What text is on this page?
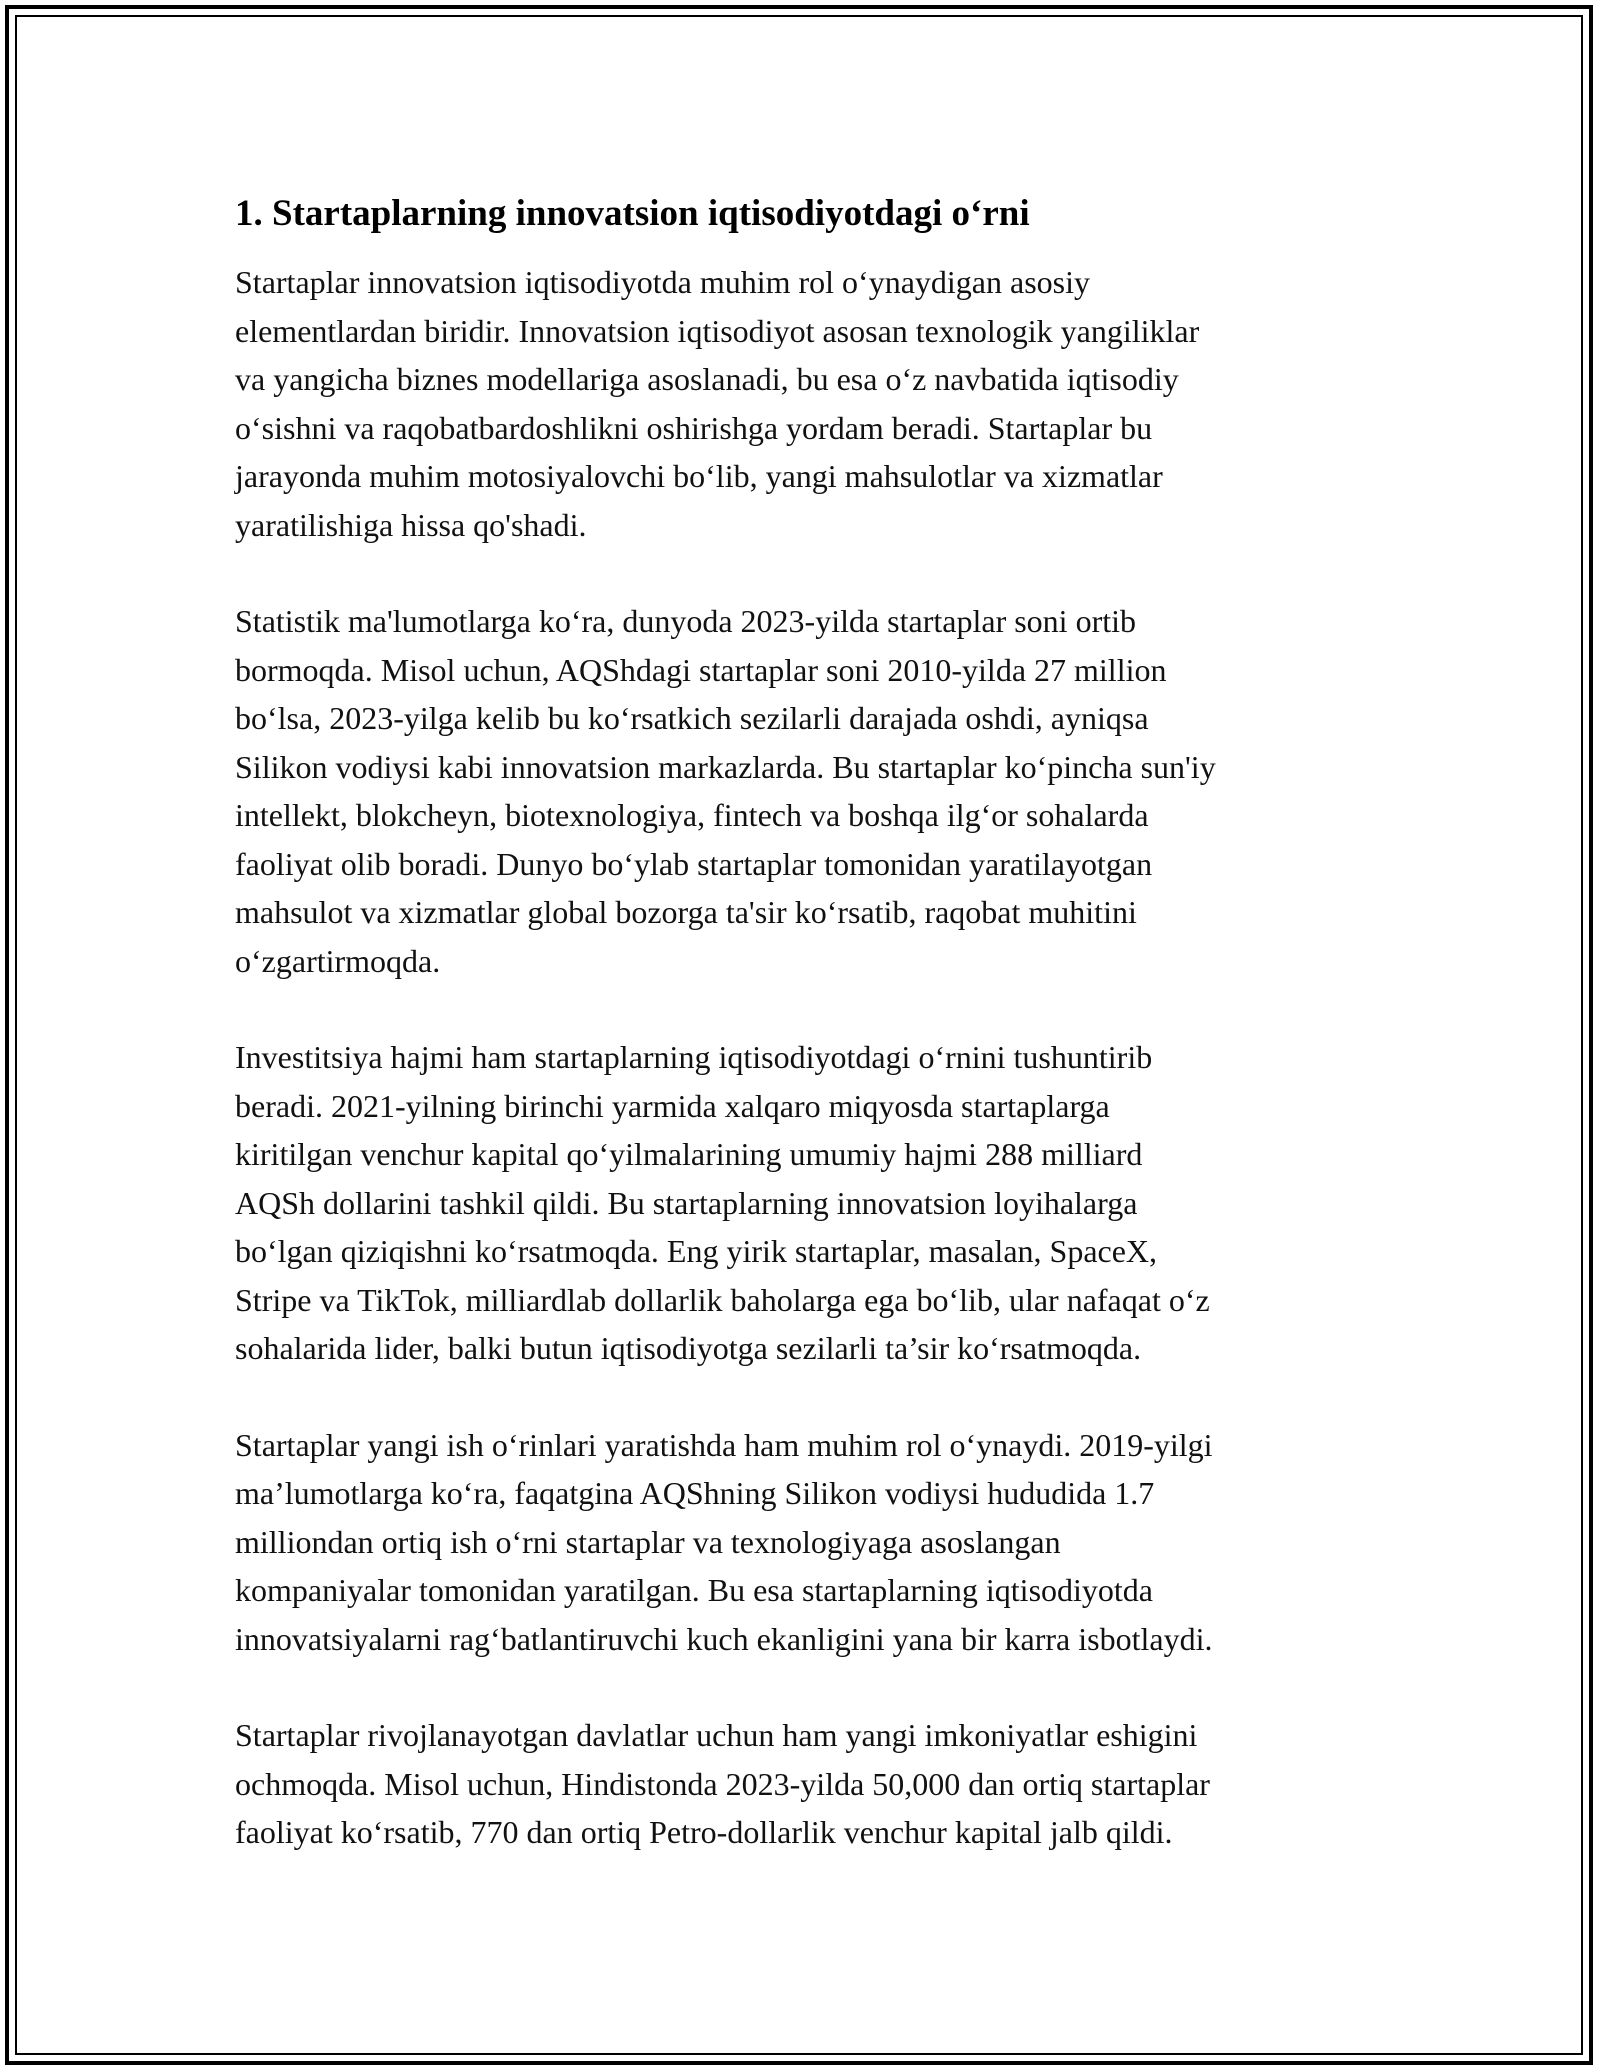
1. Startaplarning innovatsion iqtisodiyotdagi o‘rni

Startaplar innovatsion iqtisodiyotda muhim rol o‘ynaydigan asosiy
elementlardan biridir. Innovatsion iqtisodiyot asosan texnologik yangiliklar
va yangicha biznes modellariga asoslanadi, bu esa o‘z navbatida iqtisodiy
o‘sishni va raqobatbardoshlikni oshirishga yordam beradi. Startaplar bu
jarayonda muhim motosiyalovchi bo‘lib, yangi mahsulotlar va xizmatlar
yaratilishiga hissa qo'shadi.

Statistik ma'lumotlarga ko‘ra, dunyoda 2023-yilda startaplar soni ortib
bormoqda. Misol uchun, AQShdagi startaplar soni 2010-yilda 27 million
bo‘lsa, 2023-yilga kelib bu ko‘rsatkich sezilarli darajada oshdi, ayniqsa
Silikon vodiysi kabi innovatsion markazlarda. Bu startaplar ko‘pincha sun'iy
intellekt, blokcheyn, biotexnologiya, fintech va boshqa ilg‘or sohalarda
faoliyat olib boradi. Dunyo bo‘ylab startaplar tomonidan yaratilayotgan
mahsulot va xizmatlar global bozorga ta'sir ko‘rsatib, raqobat muhitini
o‘zgartirmoqda.

Investitsiya hajmi ham startaplarning iqtisodiyotdagi o‘rnini tushuntirib
beradi. 2021-yilning birinchi yarmida xalqaro miqyosda startaplarga
kiritilgan venchur kapital qo‘yilmalarining umumiy hajmi 288 milliard
AQSh dollarini tashkil qildi. Bu startaplarning innovatsion loyihalarga
bo‘lgan qiziqishni ko‘rsatmoqda. Eng yirik startaplar, masalan, SpaceX,
Stripe va TikTok, milliardlab dollarlik baholarga ega bo‘lib, ular nafaqat o‘z
sohalarida lider, balki butun iqtisodiyotga sezilarli ta’sir ko‘rsatmoqda.

Startaplar yangi ish o‘rinlari yaratishda ham muhim rol o‘ynaydi. 2019-yilgi
ma’lumotlarga ko‘ra, faqatgina AQShning Silikon vodiysi hududida 1.7
milliondan ortiq ish o‘rni startaplar va texnologiyaga asoslangan
kompaniyalar tomonidan yaratilgan. Bu esa startaplarning iqtisodiyotda
innovatsiyalarni rag‘batlantiruvchi kuch ekanligini yana bir karra isbotlaydi.

Startaplar rivojlanayotgan davlatlar uchun ham yangi imkoniyatlar eshigini
ochmoqda. Misol uchun, Hindistonda 2023-yilda 50,000 dan ortiq startaplar
faoliyat ko‘rsatib, 770 dan ortiq Petro-dollarlik venchur kapital jalb qildi.
